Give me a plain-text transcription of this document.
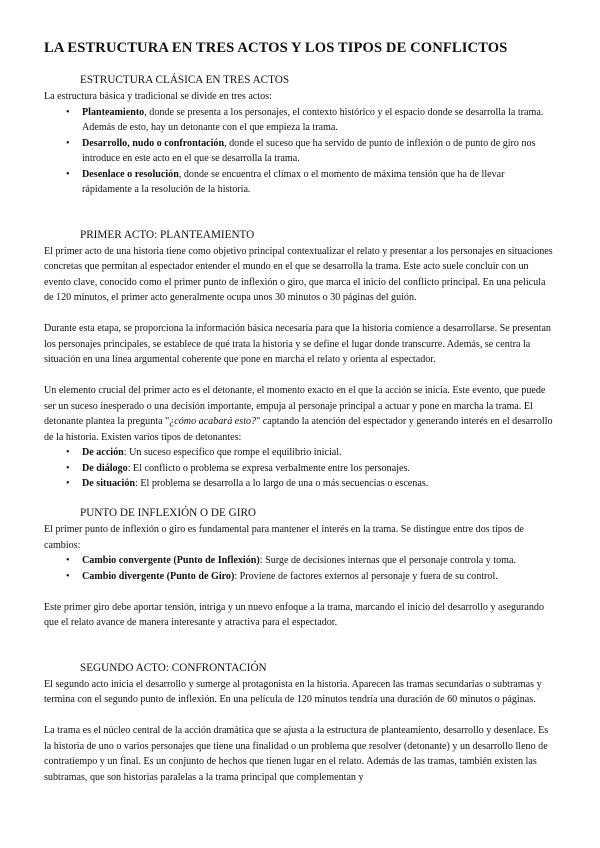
LA ESTRUCTURA EN TRES ACTOS Y LOS TIPOS DE CONFLICTOS
ESTRUCTURA CLÁSICA EN TRES ACTOS

La estructura básica y tradicional se divide en tres actos:

• Planteamiento, donde se presenta a los personajes, el contexto histórico y el espacio donde se desarrolla la trama. Además de esto, hay un detonante con el que empieza la trama.
• Desarrollo, nudo o confrontación, donde el suceso que ha servido de punto de inflexión o de punto de giro nos introduce en este acto en el que se desarrolla la trama.
• Desenlace o resolución, donde se encuentra el clímax o el momento de máxima tensión que ha de llevar rápidamente a la resolución de la historia.
PRIMER ACTO: PLANTEAMIENTO

El primer acto de una historia tiene como objetivo principal contextualizar el relato y presentar a los personajes en situaciones concretas que permitan al espectador entender el mundo en el que se desarrolla la trama. Este acto suele concluir con un evento clave, conocido como el primer punto de inflexión o giro, que marca el inicio del conflicto principal. En una película de 120 minutos, el primer acto generalmente ocupa unos 30 minutos o 30 páginas del guión.

Durante esta etapa, se proporciona la información básica necesaria para que la historia comience a desarrollarse. Se presentan los personajes principales, se establece de qué trata la historia y se define el lugar donde transcurre. Además, se centra la situación en una línea argumental coherente que pone en marcha el relato y orienta al espectador.

Un elemento crucial del primer acto es el detonante, el momento exacto en el que la acción se inicia. Este evento, que puede ser un suceso inesperado o una decisión importante, empuja al personaje principal a actuar y pone en marcha la trama. El detonante plantea la pregunta "¿cómo acabará esto?" captando la atención del espectador y generando interés en el desarrollo de la historia. Existen varios tipos de detonantes:

• De acción: Un suceso específico que rompe el equilibrio inicial.
• De diálogo: El conflicto o problema se expresa verbalmente entre los personajes.
• De situación: El problema se desarrolla a lo largo de una o más secuencias o escenas.
PUNTO DE INFLEXIÓN O DE GIRO

El primer punto de inflexión o giro es fundamental para mantener el interés en la trama. Se distingue entre dos tipos de cambios:

• Cambio convergente (Punto de Inflexión): Surge de decisiones internas que el personaje controla y toma.
• Cambio divergente (Punto de Giro): Proviene de factores externos al personaje y fuera de su control.

Este primer giro debe aportar tensión, intriga y un nuevo enfoque a la trama, marcando el inicio del desarrollo y asegurando que el relato avance de manera interesante y atractiva para el espectador.

SEGUNDO ACTO: CONFRONTACIÓN

El segundo acto inicia el desarrollo y sumerge al protagonista en la historia. Aparecen las tramas secundarias o subtramas y termina con el segundo punto de inflexión. En una película de 120 minutos tendría una duración de 60 minutos o páginas.

La trama es el núcleo central de la acción dramática que se ajusta a la estructura de planteamiento, desarrollo y desenlace. Es la historia de uno o varios personajes que tiene una finalidad o un problema que resolver (detonante) y un desarrollo lleno de contratiempo y un final. Es un conjunto de hechos que tienen lugar en el relato. Además de las tramas, también existen las subtramas, que son historias paralelas a la trama principal que complementan y
